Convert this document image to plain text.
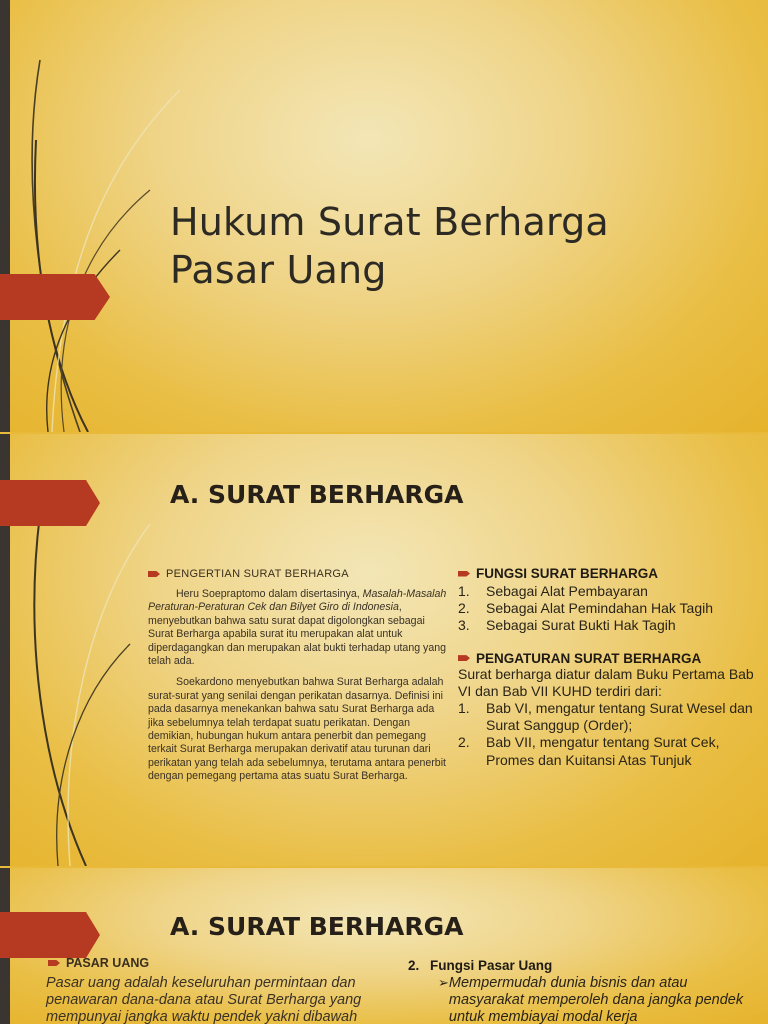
Hukum Surat Berharga
Pasar Uang
A. SURAT BERHARGA
PENGERTIAN SURAT BERHARGA

Heru Soepraptomo dalam disertasinya, Masalah-Masalah Peraturan-Peraturan Cek dan Bilyet Giro di Indonesia, menyebutkan bahwa satu surat dapat digolongkan sebagai Surat Berharga apabila surat itu merupakan alat untuk diperdagangkan dan merupakan alat bukti terhadap utang yang telah ada.

Soekardono menyebutkan bahwa Surat Berharga adalah surat-surat yang senilai dengan perikatan dasarnya. Definisi ini pada dasarnya menekankan bahwa satu Surat Berharga ada jika sebelumnya telah terdapat suatu perikatan. Dengan demikian, hubungan hukum antara penerbit dan pemegang terkait Surat Berharga merupakan derivatif atau turunan dari perikatan yang telah ada sebelumnya, terutama antara penerbit dengan pemegang pertama atas suatu Surat Berharga.

FUNGSI SURAT BERHARGA
1.	Sebagai Alat Pembayaran
2.	Sebagai Alat Pemindahan Hak Tagih
3.	Sebagai Surat Bukti Hak Tagih
PENGATURAN SURAT BERHARGA
Surat berharga diatur dalam Buku Pertama Bab VI dan Bab VII KUHD terdiri dari:
1.	Bab VI, mengatur tentang Surat Wesel dan Surat Sanggup (Order);
2.	Bab VII, mengatur tentang Surat Cek, Promes dan Kuitansi Atas Tunjuk
A. SURAT BERHARGA
PASAR UANG
Pasar uang adalah keseluruhan permintaan dan penawaran dana-dana atau Surat Berharga yang mempunyai jangka waktu pendek yakni dibawah
2. Fungsi Pasar Uang
➢ Mempermudah dunia bisnis dan atau masyarakat memperoleh dana jangka pendek untuk membiayai modal kerja
